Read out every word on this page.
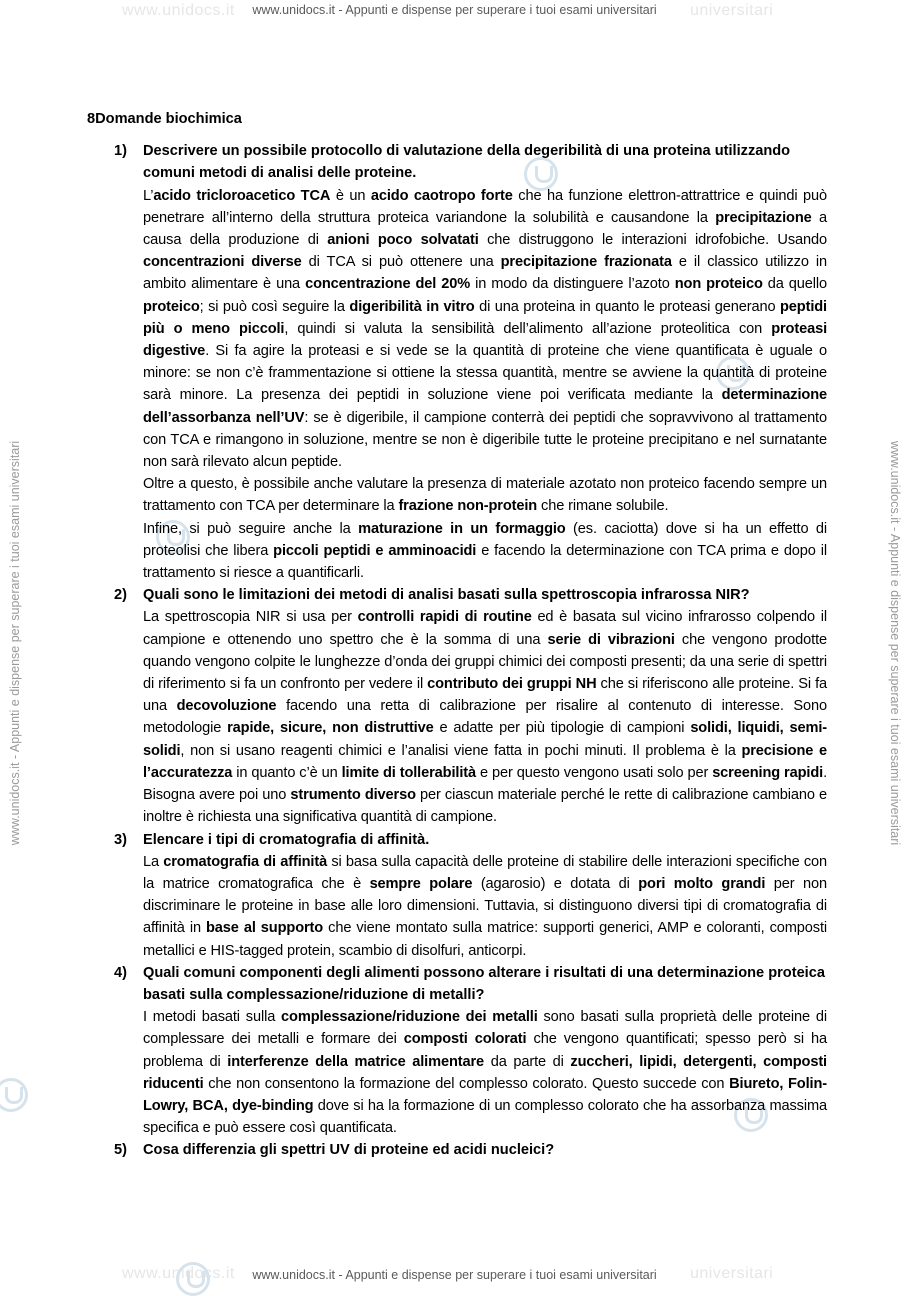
www.unidocs.it - Appunti e dispense per superare i tuoi esami universitari
www.unidocs.it - Appunti e dispense per superare i tuoi esami universitari
www.unidocs.it - Appunti e dispense per superare i tuoi esami universitari	www.unidocs.it - Appunti e dispense per superare i tuoi esami universitari
www.unidocs.it	universitari
www.unidocs.it	universitari
8Domande biochimica
1) Descrivere un possibile protocollo di valutazione della degeribilità di una proteina utilizzando comuni metodi di analisi delle proteine.
L’acido tricloroacetico TCA è un acido caotropo forte che ha funzione elettron-attrattrice e quindi può penetrare all’interno della struttura proteica variandone la solubilità e causandone la precipitazione a causa della produzione di anioni poco solvatati che distruggono le interazioni idrofobiche. Usando concentrazioni diverse di TCA si può ottenere una precipitazione frazionata e il classico utilizzo in ambito alimentare è una concentrazione del 20% in modo da distinguere l’azoto non proteico da quello proteico; si può così seguire la digeribilità in vitro di una proteina in quanto le proteasi generano peptidi più o meno piccoli, quindi si valuta la sensibilità dell’alimento all’azione proteolitica con proteasi digestive. Si fa agire la proteasi e si vede se la quantità di proteine che viene quantificata è uguale o minore: se non c’è frammentazione si ottiene la stessa quantità, mentre se avviene la quantità di proteine sarà minore. La presenza dei peptidi in soluzione viene poi verificata mediante la determinazione dell’assorbanza nell’UV: se è digeribile, il campione conterrà dei peptidi che sopravvivono al trattamento con TCA e rimangono in soluzione, mentre se non è digeribile tutte le proteine precipitano e nel surnatante non sarà rilevato alcun peptide.
Oltre a questo, è possibile anche valutare la presenza di materiale azotato non proteico facendo sempre un trattamento con TCA per determinare la frazione non-protein che rimane solubile.
Infine, si può seguire anche la maturazione in un formaggio (es. caciotta) dove si ha un effetto di proteolisi che libera piccoli peptidi e amminoacidi e facendo la determinazione con TCA prima e dopo il trattamento si riesce a quantificarli.
2) Quali sono le limitazioni dei metodi di analisi basati sulla spettroscopia infrarossa NIR?
La spettroscopia NIR si usa per controlli rapidi di routine ed è basata sul vicino infrarosso colpendo il campione e ottenendo uno spettro che è la somma di una serie di vibrazioni che vengono prodotte quando vengono colpite le lunghezze d’onda dei gruppi chimici dei composti presenti; da una serie di spettri di riferimento si fa un confronto per vedere il contributo dei gruppi NH che si riferiscono alle proteine. Si fa una decovoluzione facendo una retta di calibrazione per risalire al contenuto di interesse. Sono metodologie rapide, sicure, non distruttive e adatte per più tipologie di campioni solidi, liquidi, semi-solidi, non si usano reagenti chimici e l’analisi viene fatta in pochi minuti. Il problema è la precisione e l’accuratezza in quanto c’è un limite di tollerabilità e per questo vengono usati solo per screening rapidi. Bisogna avere poi uno strumento diverso per ciascun materiale perché le rette di calibrazione cambiano e inoltre è richiesta una significativa quantità di campione.
3) Elencare i tipi di cromatografia di affinità.
La cromatografia di affinità si basa sulla capacità delle proteine di stabilire delle interazioni specifiche con la matrice cromatografica che è sempre polare (agarosio) e dotata di pori molto grandi per non discriminare le proteine in base alle loro dimensioni. Tuttavia, si distinguono diversi tipi di cromatografia di affinità in base al supporto che viene montato sulla matrice: supporti generici, AMP e coloranti, composti metallici e HIS-tagged protein, scambio di disolfuri, anticorpi.
4) Quali comuni componenti degli alimenti possono alterare i risultati di una determinazione proteica basati sulla complessazione/riduzione di metalli?
I metodi basati sulla complessazione/riduzione dei metalli sono basati sulla proprietà delle proteine di complessare dei metalli e formare dei composti colorati che vengono quantificati; spesso però si ha problema di interferenze della matrice alimentare da parte di zuccheri, lipidi, detergenti, composti riducenti che non consentono la formazione del complesso colorato. Questo succede con Biureto, Folin-Lowry, BCA, dye-binding dove si ha la formazione di un complesso colorato che ha assorbanza massima specifica e può essere così quantificata.
5) Cosa differenzia gli spettri UV di proteine ed acidi nucleici?
